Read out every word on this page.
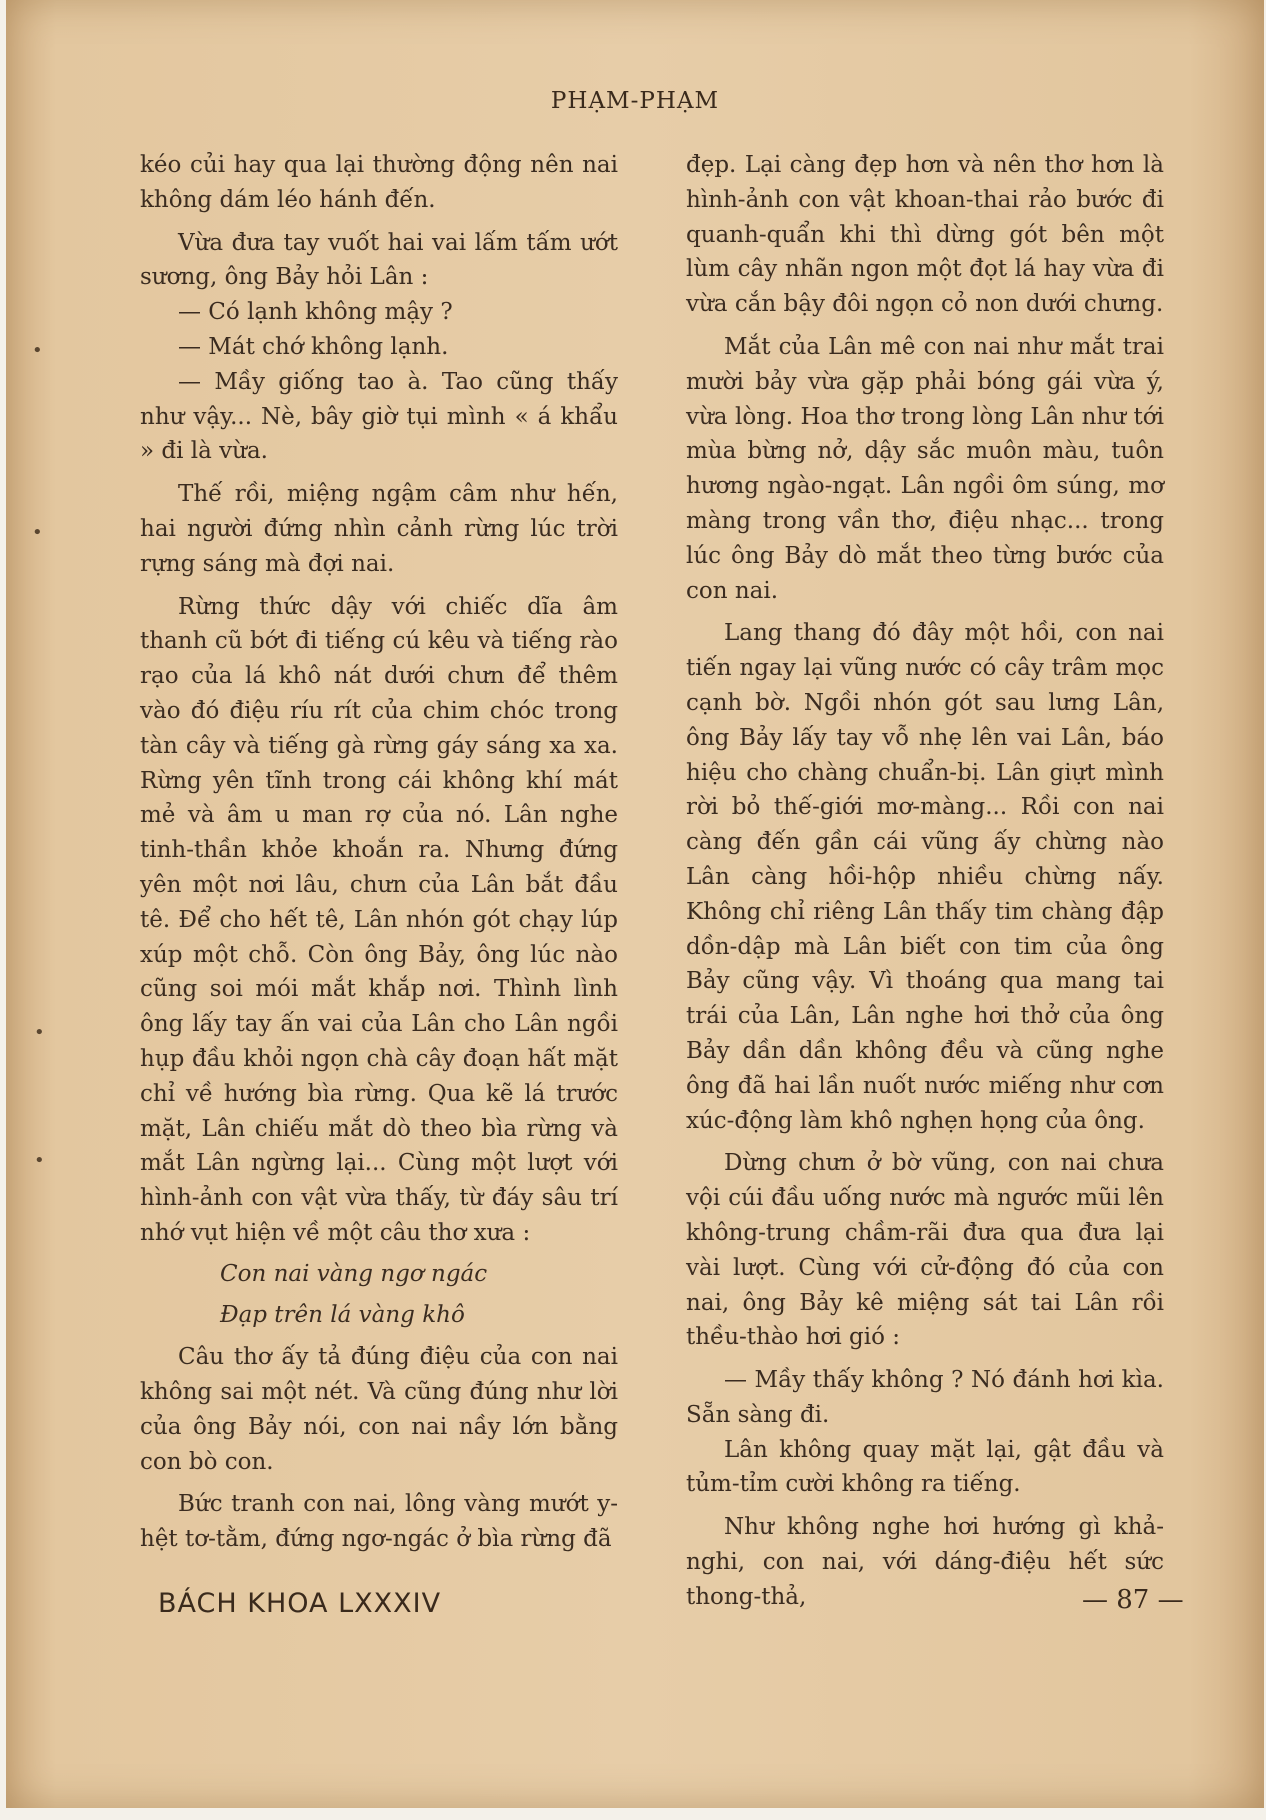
PHẠM-PHẠM

kéo củi hay qua lại thường động nên nai không dám léo hánh đến.

Vừa đưa tay vuốt hai vai lấm tấm ướt sương, ông Bảy hỏi Lân :

— Có lạnh không mậy ?

— Mát chớ không lạnh.

— Mầy giống tao à. Tao cũng thấy như vậy... Nè, bây giờ tụi mình « á khẩu » đi là vừa.

Thế rồi, miệng ngậm câm như hến, hai người đứng nhìn cảnh rừng lúc trời rựng sáng mà đợi nai.

Rừng thức dậy với chiếc dĩa âm thanh cũ bớt đi tiếng cú kêu và tiếng rào rạo của lá khô nát dưới chưn để thêm vào đó điệu ríu rít của chim chóc trong tàn cây và tiếng gà rừng gáy sáng xa xa. Rừng yên tĩnh trong cái không khí mát mẻ và âm u man rợ của nó. Lân nghe tinh-thần khỏe khoắn ra. Nhưng đứng yên một nơi lâu, chưn của Lân bắt đầu tê. Để cho hết tê, Lân nhón gót chạy lúp xúp một chỗ. Còn ông Bảy, ông lúc nào cũng soi mói mắt khắp nơi. Thình lình ông lấy tay ấn vai của Lân cho Lân ngồi hụp đầu khỏi ngọn chà cây đoạn hất mặt chỉ về hướng bìa rừng. Qua kẽ lá trước mặt, Lân chiếu mắt dò theo bìa rừng và mắt Lân ngừng lại... Cùng một lượt với hình-ảnh con vật vừa thấy, từ đáy sâu trí nhớ vụt hiện về một câu thơ xưa :

Con nai vàng ngơ ngác

Đạp trên lá vàng khô

Câu thơ ấy tả đúng điệu của con nai không sai một nét. Và cũng đúng như lời của ông Bảy nói, con nai nầy lớn bằng con bò con.

Bức tranh con nai, lông vàng mướt y-hệt tơ-tằm, đứng ngơ-ngác ở bìa rừng đã

đẹp. Lại càng đẹp hơn và nên thơ hơn là hình-ảnh con vật khoan-thai rảo bước đi quanh-quẩn khi thì dừng gót bên một lùm cây nhãn ngon một đọt lá hay vừa đi vừa cắn bậy đôi ngọn cỏ non dưới chưng.

Mắt của Lân mê con nai như mắt trai mười bảy vừa gặp phải bóng gái vừa ý, vừa lòng. Hoa thơ trong lòng Lân như tới mùa bừng nở, dậy sắc muôn màu, tuôn hương ngào-ngạt. Lân ngồi ôm súng, mơ màng trong vần thơ, điệu nhạc... trong lúc ông Bảy dò mắt theo từng bước của con nai.

Lang thang đó đây một hồi, con nai tiến ngay lại vũng nước có cây trâm mọc cạnh bờ. Ngồi nhón gót sau lưng Lân, ông Bảy lấy tay vỗ nhẹ lên vai Lân, báo hiệu cho chàng chuẩn-bị. Lân giựt mình rời bỏ thế-giới mơ-màng... Rồi con nai càng đến gần cái vũng ấy chừng nào Lân càng hồi-hộp nhiều chừng nấy. Không chỉ riêng Lân thấy tim chàng đập dồn-dập mà Lân biết con tim của ông Bảy cũng vậy. Vì thoáng qua mang tai trái của Lân, Lân nghe hơi thở của ông Bảy dần dần không đều và cũng nghe ông đã hai lần nuốt nước miếng như cơn xúc-động làm khô nghẹn họng của ông.

Dừng chưn ở bờ vũng, con nai chưa vội cúi đầu uống nước mà ngước mũi lên không-trung chầm-rãi đưa qua đưa lại vài lượt. Cùng với cử-động đó của con nai, ông Bảy kê miệng sát tai Lân rồi thều-thào hơi gió :

— Mầy thấy không ? Nó đánh hơi kìa. Sẵn sàng đi.

Lân không quay mặt lại, gật đầu và tủm-tỉm cười không ra tiếng.

Như không nghe hơi hướng gì khả-nghi, con nai, với dáng-điệu hết sức thong-thả,

BÁCH KHOA LXXXIV	— 87 —
•
•
•
•
